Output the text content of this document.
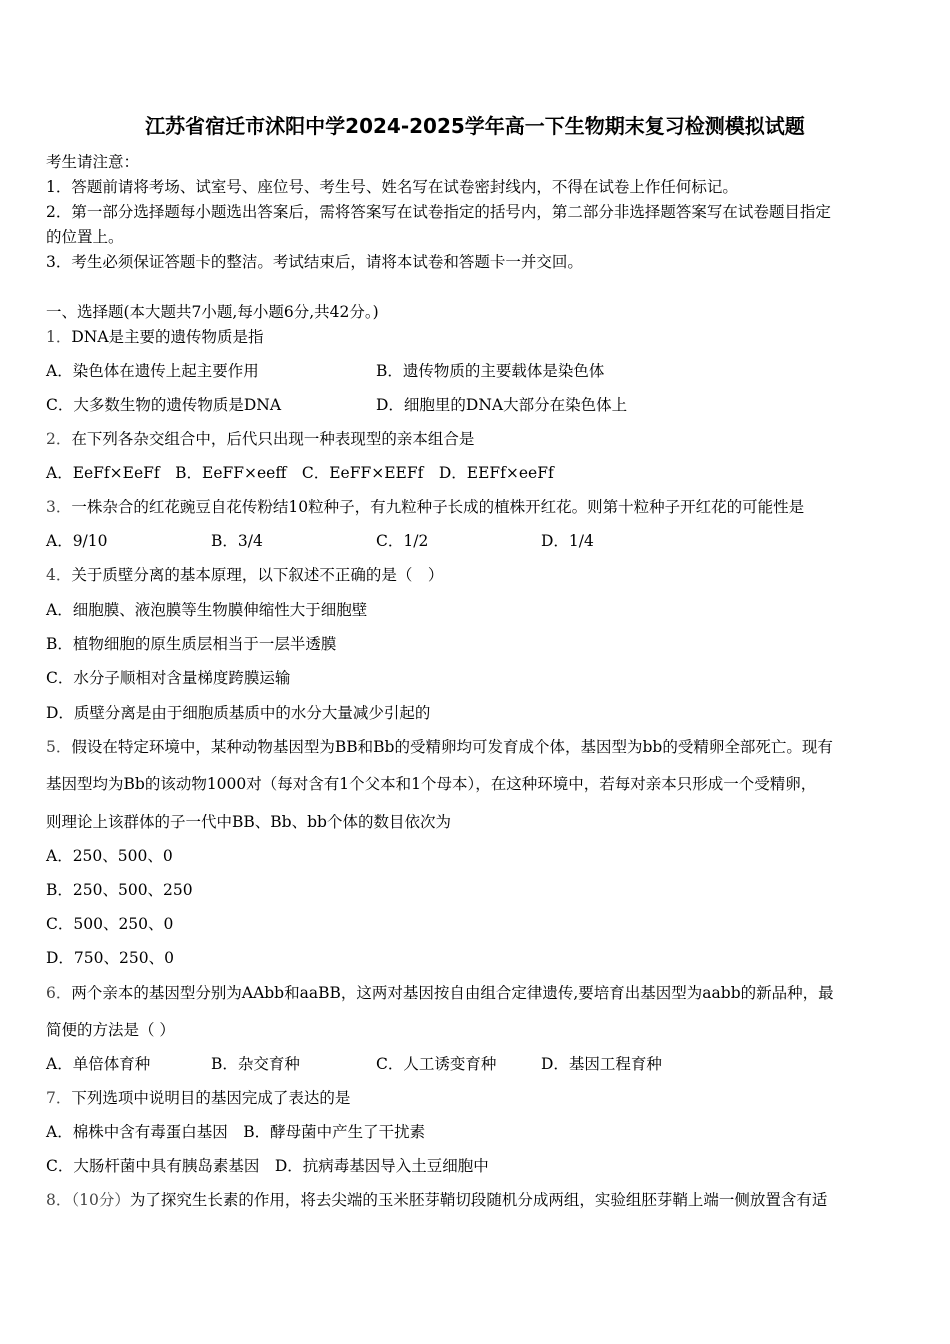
江苏省宿迁市沭阳中学2024-2025学年高一下生物期末复习检测模拟试题
考生请注意：
1．答题前请将考场、试室号、座位号、考生号、姓名写在试卷密封线内，不得在试卷上作任何标记。
2．第一部分选择题每小题选出答案后，需将答案写在试卷指定的括号内，第二部分非选择题答案写在试卷题目指定
的位置上。
3．考生必须保证答题卡的整洁。考试结束后，请将本试卷和答题卡一并交回。
一、选择题(本大题共7小题,每小题6分,共42分。)
1．DNA是主要的遗传物质是指
A．染色体在遗传上起主要作用	B．遗传物质的主要载体是染色体
C．大多数生物的遗传物质是DNA	D．细胞里的DNA大部分在染色体上
2．在下列各杂交组合中，后代只出现一种表现型的亲本组合是
A．EeFf×EeFf　B．EeFF×eeff　C．EeFF×EEFf　D．EEFf×eeFf
3．一株杂合的红花豌豆自花传粉结10粒种子，有九粒种子长成的植株开红花。则第十粒种子开红花的可能性是
A．9/10	B．3/4	C．1/2	D．1/4
4．关于质壁分离的基本原理，以下叙述不正确的是（　）
A．细胞膜、液泡膜等生物膜伸缩性大于细胞壁
B．植物细胞的原生质层相当于一层半透膜
C．水分子顺相对含量梯度跨膜运输
D．质壁分离是由于细胞质基质中的水分大量减少引起的
5．假设在特定环境中，某种动物基因型为BB和Bb的受精卵均可发育成个体，基因型为bb的受精卵全部死亡。现有
基因型均为Bb的该动物1000对（每对含有1个父本和1个母本），在这种环境中，若每对亲本只形成一个受精卵，
则理论上该群体的子一代中BB、Bb、bb个体的数目依次为
A．250、500、0
B．250、500、250
C．500、250、0
D．750、250、0
6．两个亲本的基因型分别为AAbb和aaBB，这两对基因按自由组合定律遗传,要培育出基因型为aabb的新品种，最
简便的方法是（ ）
A．单倍体育种	B．杂交育种	C．人工诱变育种	D．基因工程育种
7．下列选项中说明目的基因完成了表达的是
A．棉株中含有毒蛋白基因　B．酵母菌中产生了干扰素
C．大肠杆菌中具有胰岛素基因　D．抗病毒基因导入土豆细胞中
8．（10分）为了探究生长素的作用，将去尖端的玉米胚芽鞘切段随机分成两组，实验组胚芽鞘上端一侧放置含有适
